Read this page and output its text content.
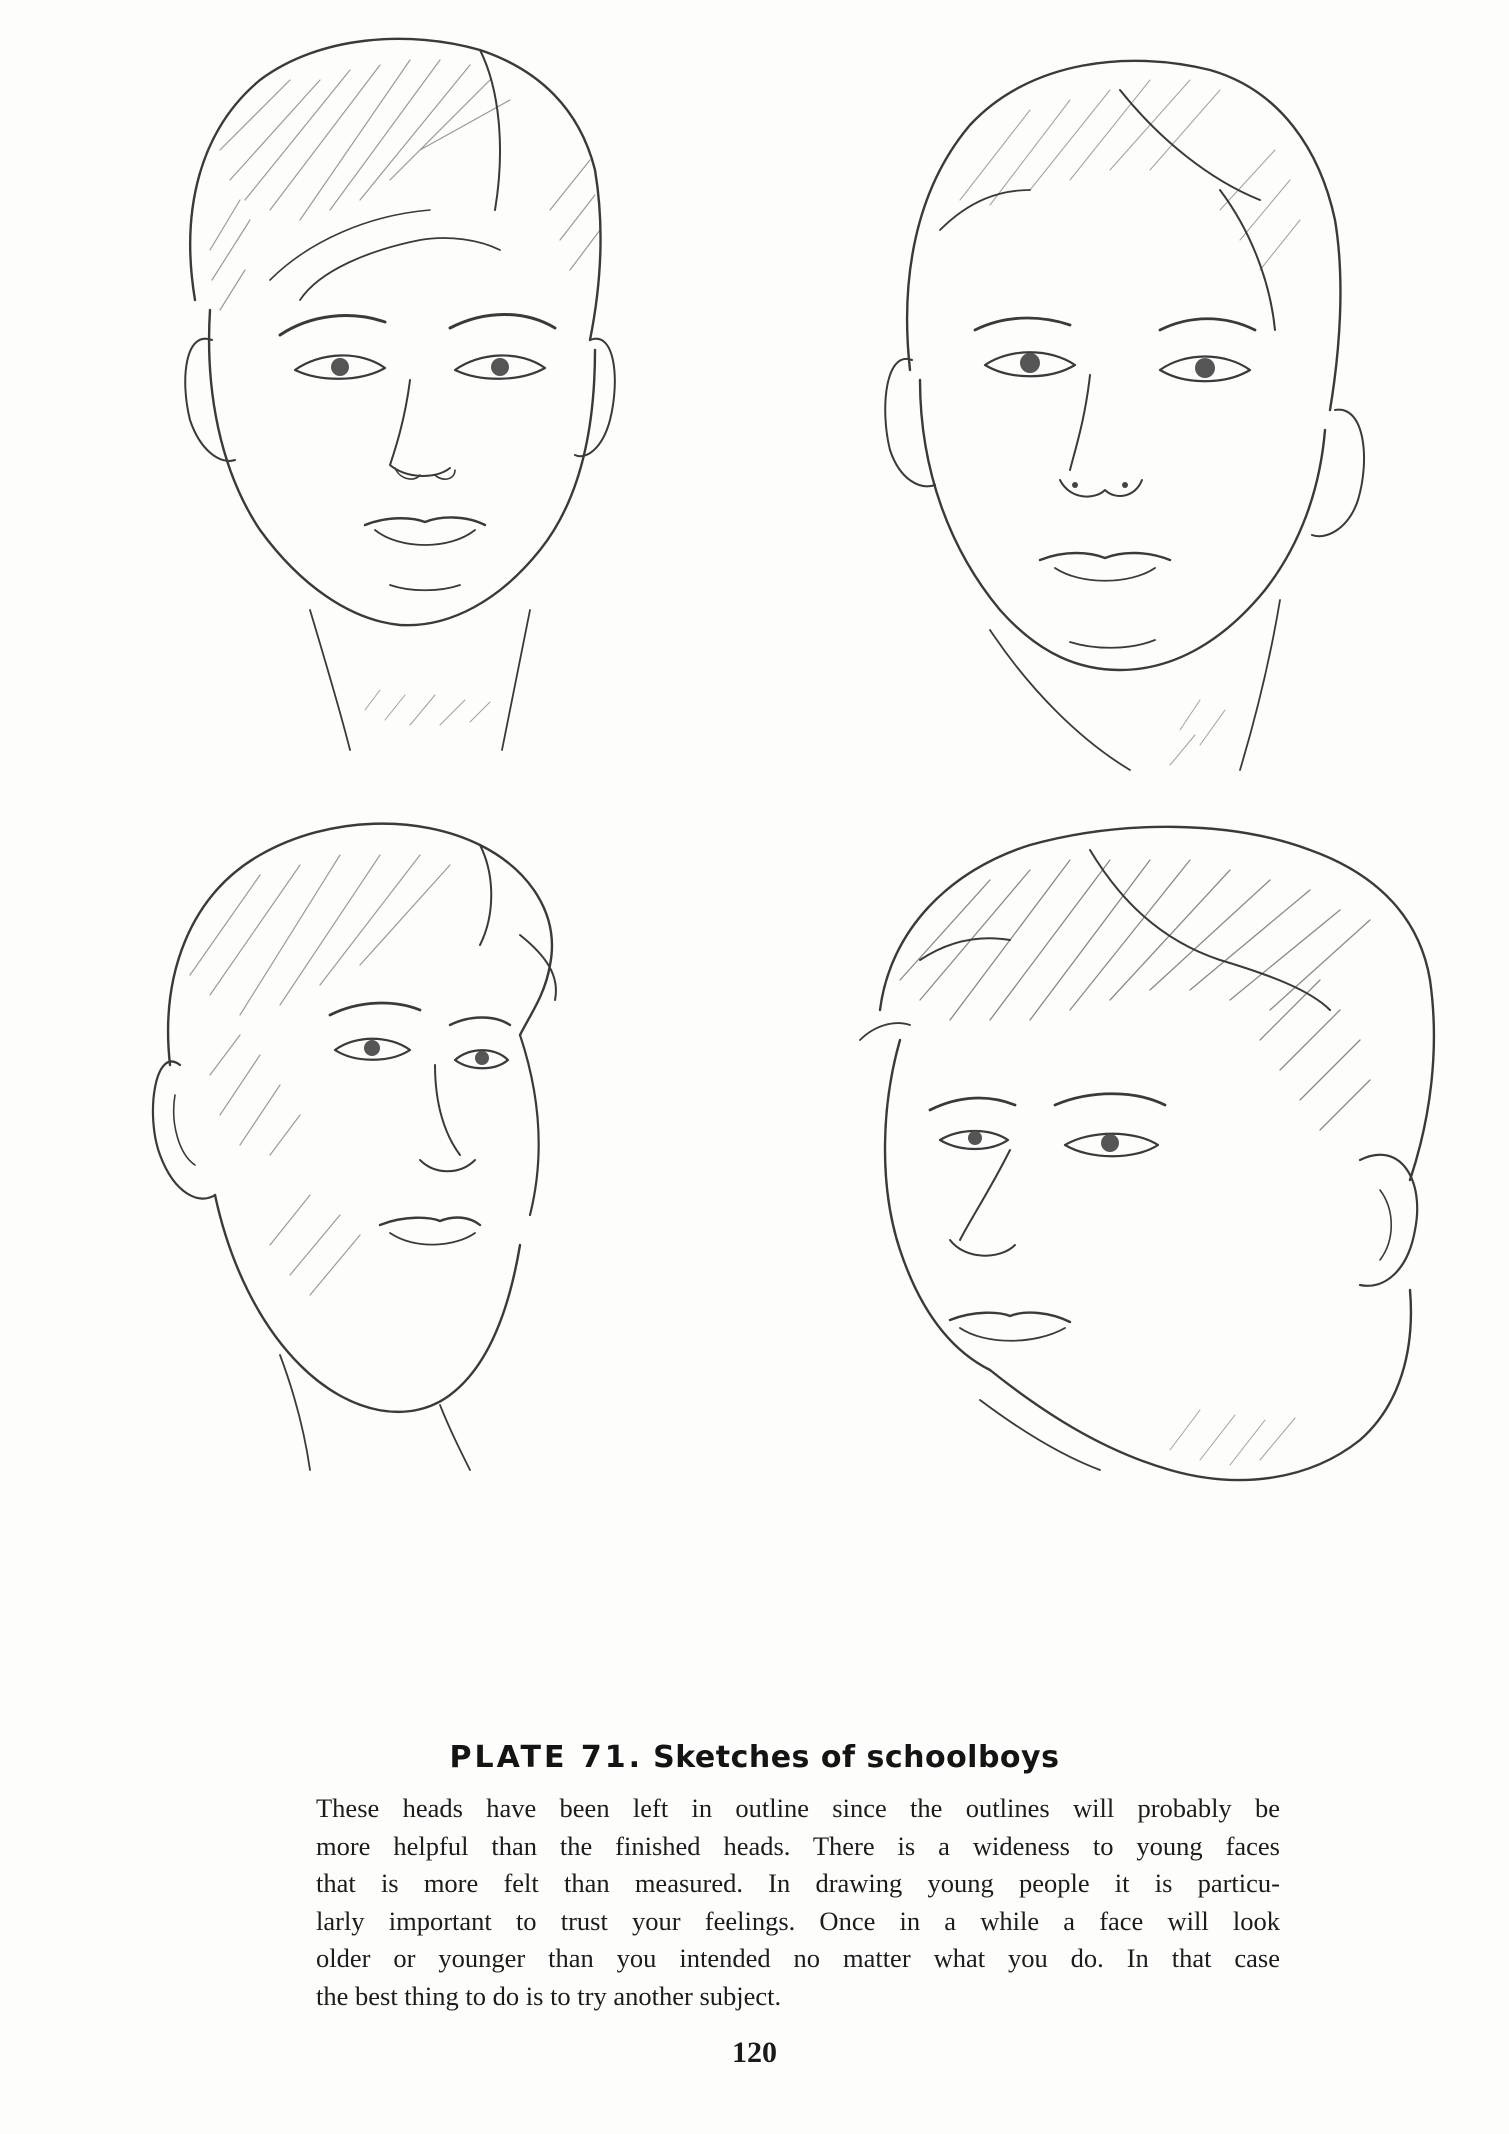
PLATE 71. Sketches of schoolboys
These heads have been left in outline since the outlines will probably be
more helpful than the finished heads. There is a wideness to young faces
that is more felt than measured. In drawing young people it is particu-
larly important to trust your feelings. Once in a while a face will look
older or younger than you intended no matter what you do. In that case
the best thing to do is to try another subject.
120
